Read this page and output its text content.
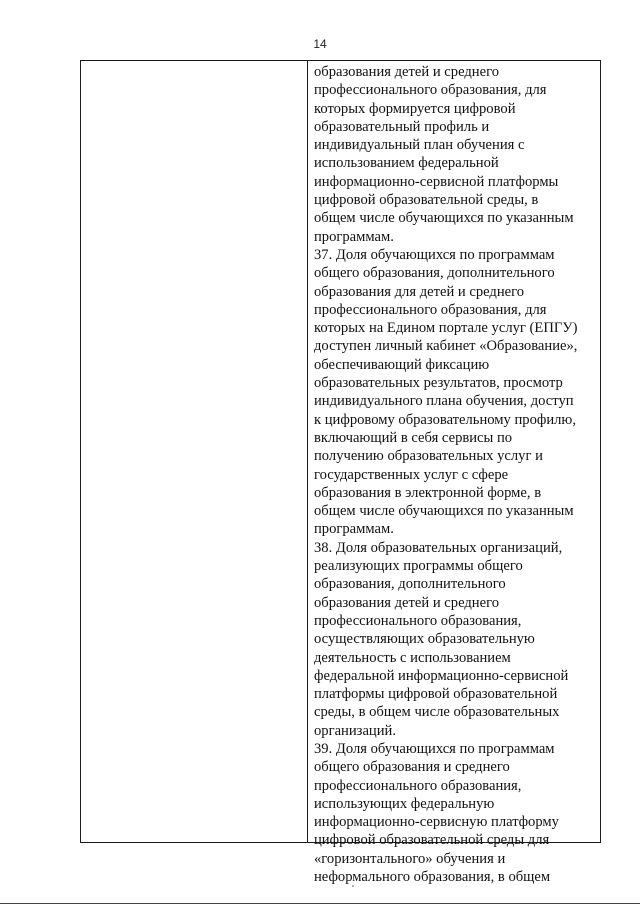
14
образования детей и среднего
профессионального образования, для
которых формируется цифровой
образовательный профиль и
индивидуальный план обучения с
использованием федеральной
информационно-сервисной платформы
цифровой образовательной среды, в
общем числе обучающихся по указанным
программам.
37. Доля обучающихся по программам
общего образования, дополнительного
образования для детей и среднего
профессионального образования, для
которых на Едином портале услуг (ЕПГУ)
доступен личный кабинет «Образование»,
обеспечивающий фиксацию
образовательных результатов, просмотр
индивидуального плана обучения, доступ
к цифровому образовательному профилю,
включающий в себя сервисы по
получению образовательных услуг и
государственных услуг с сфере
образования в электронной форме, в
общем числе обучающихся по указанным
программам.
38. Доля образовательных организаций,
реализующих программы общего
образования, дополнительного
образования детей и среднего
профессионального образования,
осуществляющих образовательную
деятельность с использованием
федеральной информационно-сервисной
платформы цифровой образовательной
среды, в общем числе образовательных
организаций.
39. Доля обучающихся по программам
общего образования и среднего
профессионального образования,
использующих федеральную
информационно-сервисную платформу
цифровой образовательной среды для
«горизонтального» обучения и
неформального образования, в общем
